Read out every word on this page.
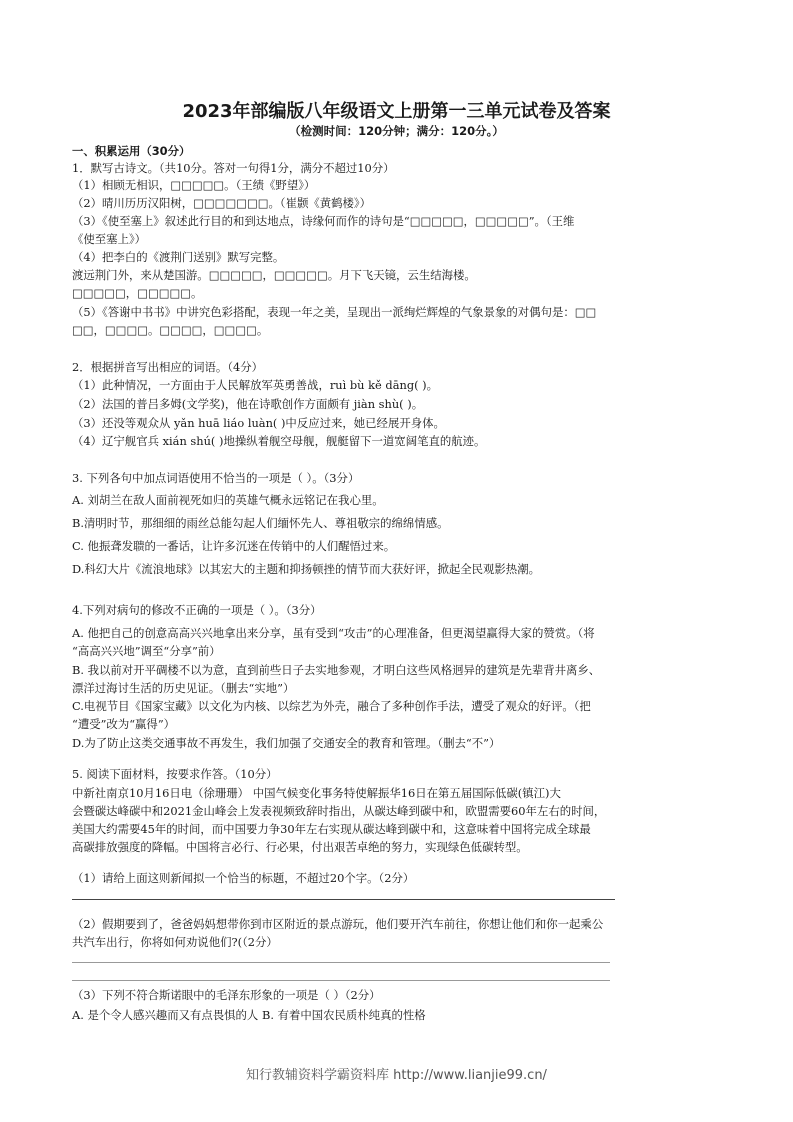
2023年部编版八年级语文上册第一三单元试卷及答案
（检测时间：120分钟；满分：120分。）
一、积累运用（30分）
1．默写古诗文。（共10分。答对一句得1分，满分不超过10分）
（1）相顾无相识，□□□□□。（王绩《野望》）
（2）晴川历历汉阳树，□□□□□□□。（崔颢《黄鹤楼》）
（3）《使至塞上》叙述此行目的和到达地点，诗缘何而作的诗句是“□□□□□，□□□□□”。（王维
《使至塞上》）
（4）把李白的《渡荆门送别》默写完整。
渡远荆门外，来从楚国游。□□□□□，□□□□□。月下飞天镜，云生结海楼。
□□□□□，□□□□□。
（5）《答谢中书书》中讲究色彩搭配，表现一年之美，呈现出一派绚烂辉煌的气象景象的对偶句是：□□
□□，□□□□。□□□□，□□□□。
2．根据拼音写出相应的词语。（4分）
（1）此种情况，一方面由于人民解放军英勇善战，ruì bù kě dāng( )。
（2）法国的普吕多姆(文学奖)，他在诗歌创作方面颇有 jiàn shù( )。
（3）还没等观众从 yǎn huā liáo luàn( )中反应过来，她已经展开身体。
（4）辽宁舰官兵 xián shú( )地操纵着舰空母舰，舰艇留下一道宽阔笔直的航迹。
3. 下列各句中加点词语使用不恰当的一项是（ ）。（3分）
A. 刘胡兰在敌人面前视死如归的英雄气概永远铭记在我心里。
B.清明时节，那细细的雨丝总能勾起人们缅怀先人、尊祖敬宗的绵绵情感。
C. 他振聋发聩的一番话，让许多沉迷在传销中的人们醒悟过来。
D.科幻大片《流浪地球》以其宏大的主题和抑扬顿挫的情节而大获好评，掀起全民观影热潮。
4.下列对病句的修改不正确的一项是（ ）。（3分）
A. 他把自己的创意高高兴兴地拿出来分享，虽有受到“攻击”的心理准备，但更渴望赢得大家的赞赏。（将
“高高兴兴地”调至“分享”前）
B. 我以前对开平碉楼不以为意，直到前些日子去实地参观，才明白这些风格迥异的建筑是先辈背井离乡、
漂洋过海讨生活的历史见证。（删去“实地”）
C.电视节目《国家宝藏》以文化为内核、以综艺为外壳，融合了多种创作手法，遭受了观众的好评。（把
“遭受”改为“赢得”）
D.为了防止这类交通事故不再发生，我们加强了交通安全的教育和管理。（删去“不”）
5. 阅读下面材料，按要求作答。（10分）
中新社南京10月16日电（徐珊珊） 中国气候变化事务特使解振华16日在第五届国际低碳(镇江)大
会暨碳达峰碳中和2021金山峰会上发表视频致辞时指出，从碳达峰到碳中和，欧盟需要60年左右的时间，
美国大约需要45年的时间，而中国要力争30年左右实现从碳达峰到碳中和，这意味着中国将完成全球最
高碳排放强度的降幅。中国将言必行、行必果，付出艰苦卓绝的努力，实现绿色低碳转型。
（1）请给上面这则新闻拟一个恰当的标题，不超过20个字。（2分）
（2）假期要到了，爸爸妈妈想带你到市区附近的景点游玩，他们要开汽车前往，你想让他们和你一起乘公
共汽车出行，你将如何劝说他们?(（2分）
（3）下列不符合斯诺眼中的毛泽东形象的一项是（ ）（2分）
A. 是个令人感兴趣而又有点畏惧的人 B. 有着中国农民质朴纯真的性格
知行教辅资料学霸资料库 http://www.lianjie99.cn/
